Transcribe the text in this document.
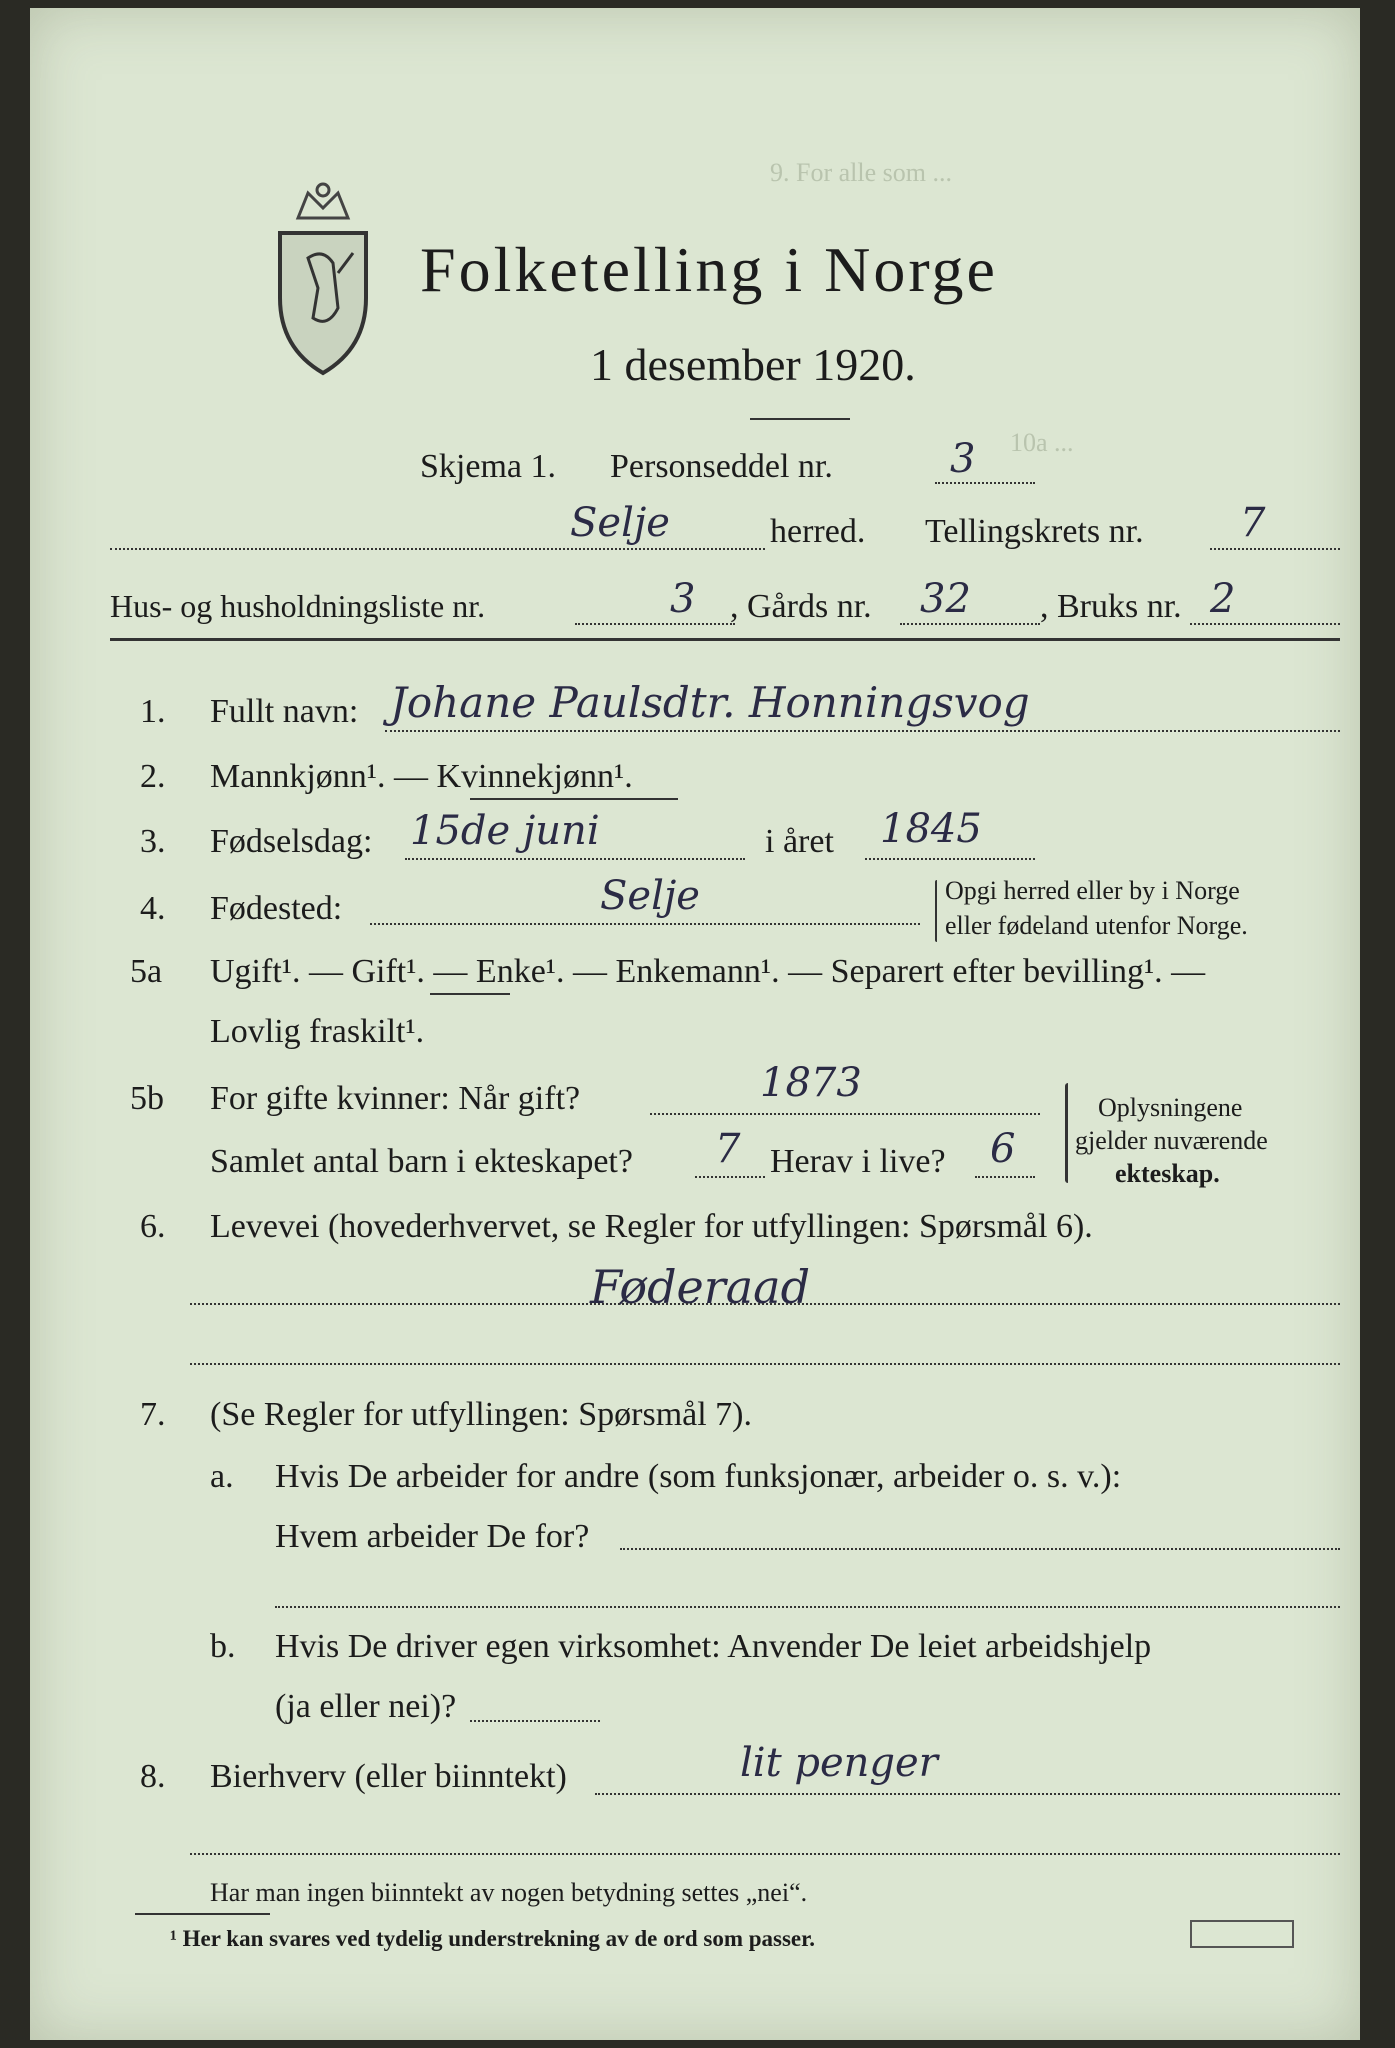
9. For alle som ...
10a ...
Folketelling i Norge
1 desember 1920.
Skjema 1. Personseddel nr.	3
Selje	herred. Tellingskrets nr. 7
Hus- og husholdningsliste nr.	3 , Gårds nr. 32 , Bruks nr. 2
1. Fullt navn: Johane Paulsdtr. Honningsvog
2. Mannkjønn¹. — Kvinnekjønn¹.
3. Fødselsdag: 15de juni	i året 1845
4. Fødested:	Selje	Opgi herred eller by i Norge
eller fødeland utenfor Norge.
5a Ugift¹. — Gift¹. — Enke¹. — Enkemann¹. — Separert efter bevilling¹. —
Lovlig fraskilt¹.
5b For gifte kvinner: Når gift?	1873
Samlet antal barn i ekteskapet? 7 Herav i live? 6
Oplysningene
gjelder nuværende
ekteskap.
6. Levevei (hovederhvervet, se Regler for utfyllingen: Spørsmål 6).
Føderaad
7. (Se Regler for utfyllingen: Spørsmål 7).
a. Hvis De arbeider for andre (som funksjonær, arbeider o. s. v.):
Hvem arbeider De for?
b. Hvis De driver egen virksomhet: Anvender De leiet arbeidshjelp
(ja eller nei)?
8. Bierhverv (eller biinntekt)	lit penger
Har man ingen biinntekt av nogen betydning settes „nei“.
¹ Her kan svares ved tydelig understrekning av de ord som passer.
